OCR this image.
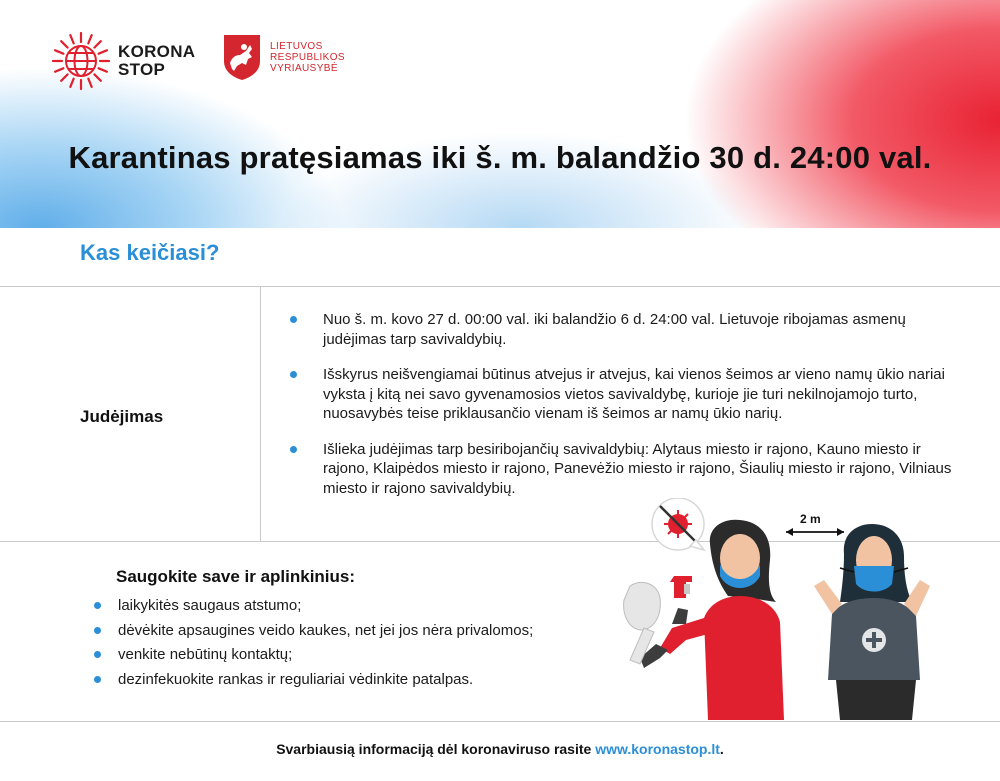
KORONA
STOP
LIETUVOS
RESPUBLIKOS
VYRIAUSYBĖ
Karantinas pratęsiamas iki š. m. balandžio 30 d. 24:00 val.
Kas keičiasi?
Judėjimas
Nuo š. m. kovo 27 d. 00:00 val. iki balandžio 6 d. 24:00 val. Lietuvoje ribojamas asmenų judėjimas tarp savivaldybių.
Išskyrus neišvengiamai būtinus atvejus ir atvejus, kai vienos šeimos ar vieno namų ūkio nariai vyksta į kitą nei savo gyvenamosios vietos savivaldybę, kurioje jie turi nekilnojamojo turto, nuosavybės teise priklausančio vienam iš šeimos ar namų ūkio narių.
Išlieka judėjimas tarp besiribojančių savivaldybių: Alytaus miesto ir rajono, Kauno miesto ir rajono, Klaipėdos miesto ir rajono, Panevėžio miesto ir rajono, Šiaulių miesto ir rajono, Vilniaus miesto ir rajono savivaldybių.
Saugokite save ir aplinkinius:
laikykitės saugaus atstumo;
dėvėkite apsaugines veido kaukes, net jei jos nėra privalomos;
venkite nebūtinų kontaktų;
dezinfekuokite rankas ir reguliariai vėdinkite patalpas.
2 m
Svarbiausią informaciją dėl koronaviruso rasite www.koronastop.lt.
